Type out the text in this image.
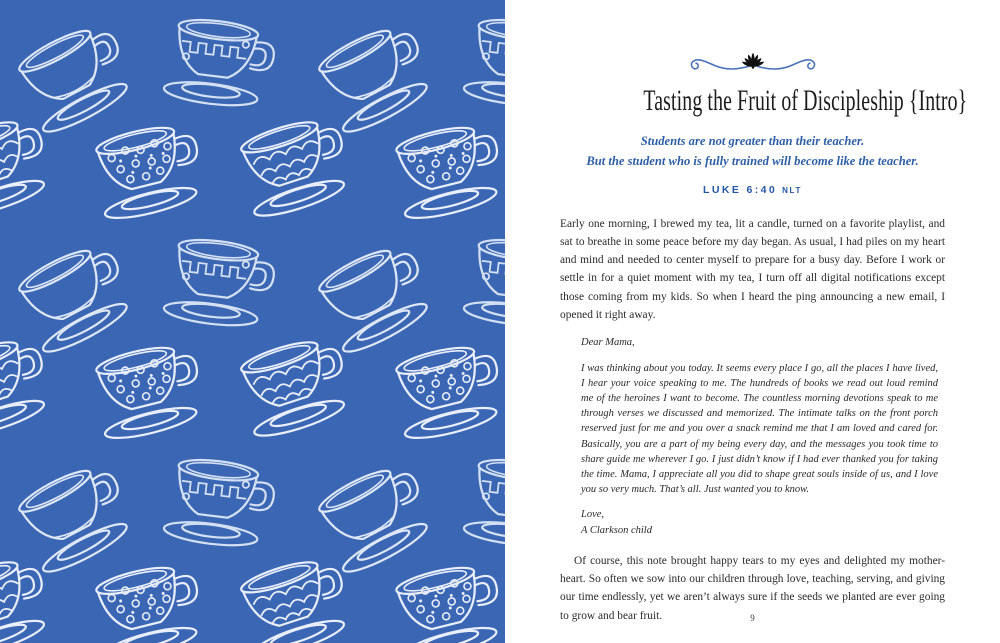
Tasting the Fruit of Discipleship {Intro}
Students are not greater than their teacher.
But the student who is fully trained will become like the teacher.
LUKE 6:40 NLT

Early one morning, I brewed my tea, lit a candle, turned on a favorite playlist, and sat to breathe in some peace before my day began. As usual, I had piles on my heart and mind and needed to center myself to prepare for a busy day. Before I work or settle in for a quiet moment with my tea, I turn off all digital notifications except those coming from my kids. So when I heard the ping announcing a new email, I opened it right away.

Dear Mama,

I was thinking about you today. It seems every place I go, all the places I have lived, I hear your voice speaking to me. The hundreds of books we read out loud remind me of the heroines I want to become. The countless morning devotions speak to me through verses we discussed and memorized. The intimate talks on the front porch reserved just for me and you over a snack remind me that I am loved and cared for. Basically, you are a part of my being every day, and the messages you took time to share guide me wherever I go. I just didn’t know if I had ever thanked you for taking the time. Mama, I appreciate all you did to shape great souls inside of us, and I love you so very much. That’s all. Just wanted you to know.

Love,

A Clarkson child

Of course, this note brought happy tears to my eyes and delighted my mother-heart. So often we sow into our children through love, teaching, serving, and giving our time endlessly, yet we aren’t always sure if the seeds we planted are ever going to grow and bear fruit.	9
